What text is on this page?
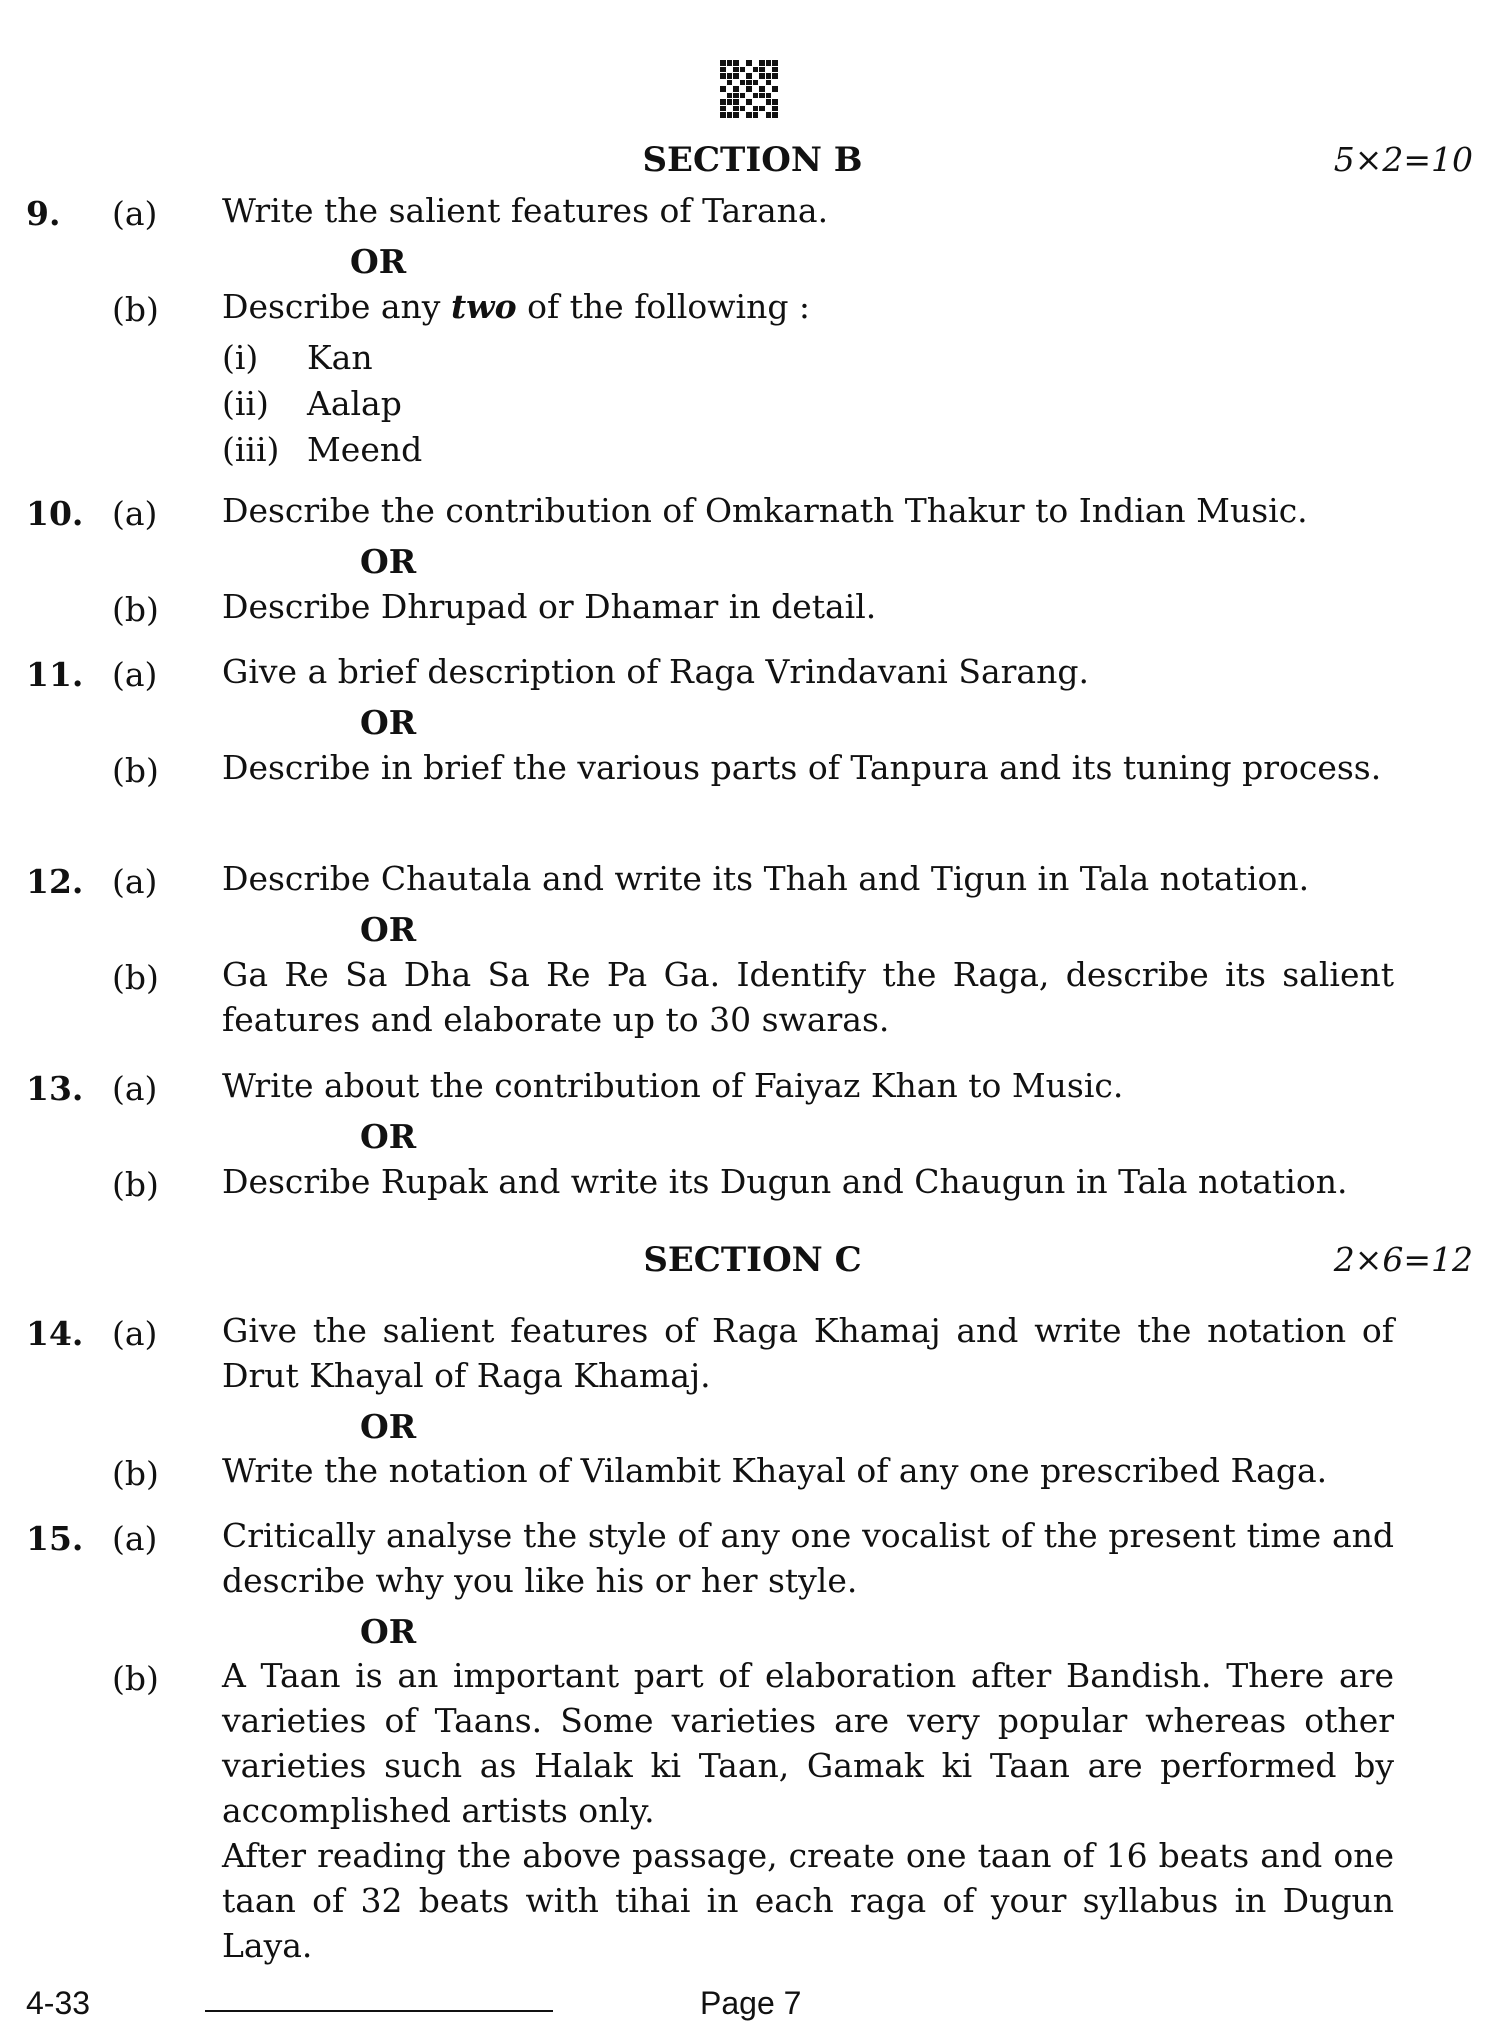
SECTION B	5×2=10
9. (a) Write the salient features of Tarana.
OR
(b) Describe any two of the following :
(i) Kan
(ii) Aalap
(iii) Meend
10. (a) Describe the contribution of Omkarnath Thakur to Indian Music.
OR
(b) Describe Dhrupad or Dhamar in detail.
11. (a) Give a brief description of Raga Vrindavani Sarang.
OR
(b) Describe in brief the various parts of Tanpura and its tuning process.
12. (a) Describe Chautala and write its Thah and Tigun in Tala notation.
OR
(b) Ga Re Sa Dha Sa Re Pa Ga. Identify the Raga, describe its salient features and elaborate up to 30 swaras.
13. (a) Write about the contribution of Faiyaz Khan to Music.
OR
(b) Describe Rupak and write its Dugun and Chaugun in Tala notation.
SECTION C	2×6=12
14. (a) Give the salient features of Raga Khamaj and write the notation of Drut Khayal of Raga Khamaj.
OR
(b) Write the notation of Vilambit Khayal of any one prescribed Raga.
15. (a) Critically analyse the style of any one vocalist of the present time and describe why you like his or her style.
OR
(b) A Taan is an important part of elaboration after Bandish. There are varieties of Taans. Some varieties are very popular whereas other varieties such as Halak ki Taan, Gamak ki Taan are performed by accomplished artists only.
After reading the above passage, create one taan of 16 beats and one taan of 32 beats with tihai in each raga of your syllabus in Dugun Laya.
4-33	Page 7
